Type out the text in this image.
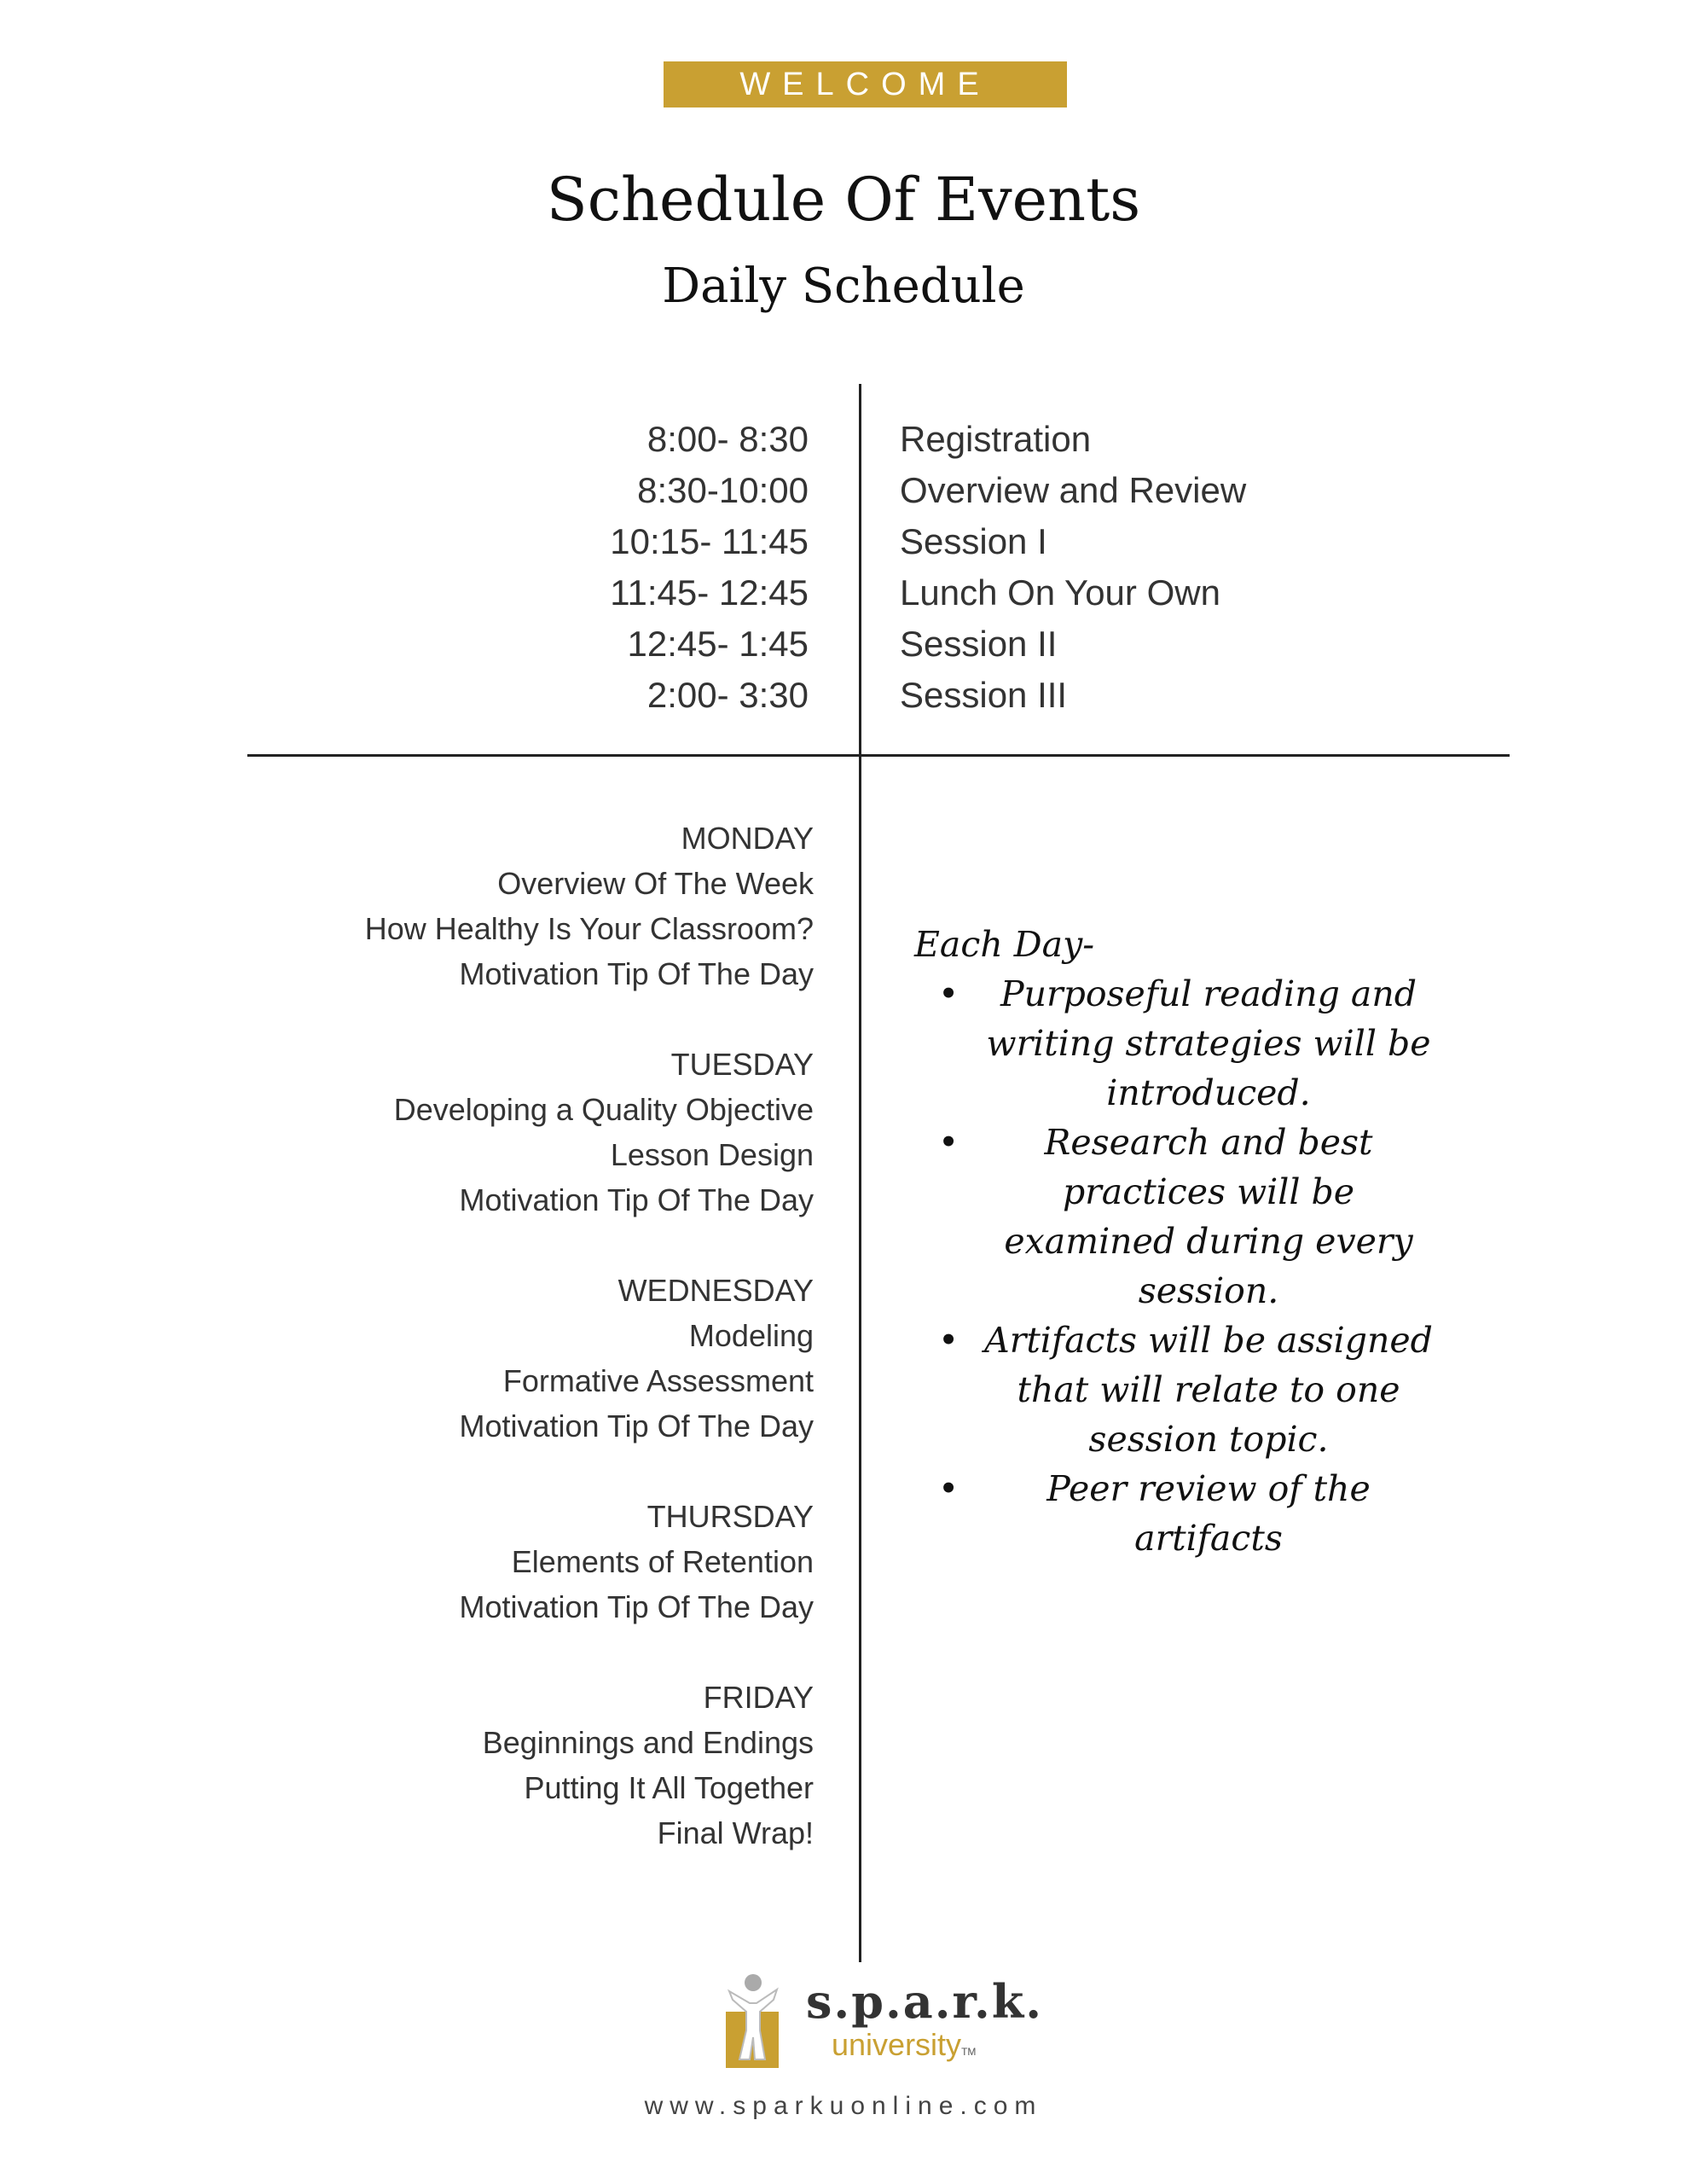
WELCOME
Schedule Of Events
Daily Schedule
8:00- 8:30
8:30-10:00
10:15- 11:45
11:45- 12:45
12:45- 1:45
2:00- 3:30
Registration
Overview and Review
Session I
Lunch On Your Own
Session II
Session III
MONDAY
Overview Of The Week
How Healthy Is Your Classroom?
Motivation Tip Of The Day
TUESDAY
Developing a Quality Objective
Lesson Design
Motivation Tip Of The Day
WEDNESDAY
Modeling
Formative Assessment
Motivation Tip Of The Day
THURSDAY
Elements of Retention
Motivation Tip Of The Day
FRIDAY
Beginnings and Endings
Putting It All Together
Final Wrap!
Each Day-
• Purposeful reading and writing strategies will be introduced.
• Research and best practices will be examined during every session.
• Artifacts will be assigned that will relate to one session topic.
•	Peer review of the artifacts
s.p.a.r.k.
universityTM
www.sparkuonline.com
